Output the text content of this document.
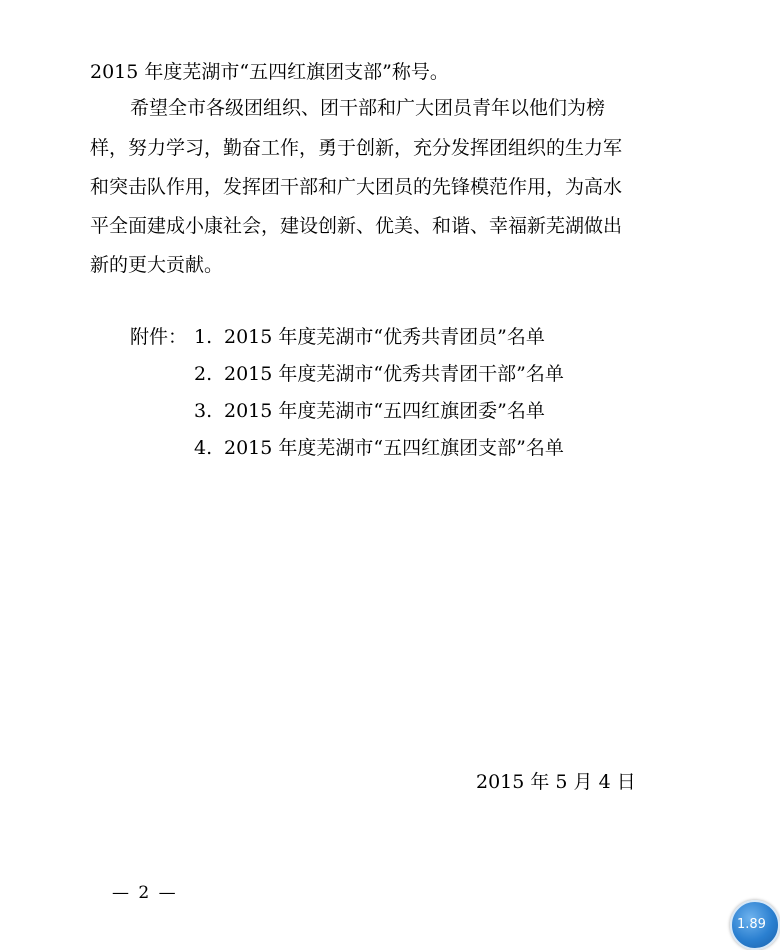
2015 年度芜湖市“五四红旗团支部”称号。
希望全市各级团组织、团干部和广大团员青年以他们为榜
样，努力学习，勤奋工作，勇于创新，充分发挥团组织的生力军
和突击队作用，发挥团干部和广大团员的先锋模范作用，为高水
平全面建成小康社会，建设创新、优美、和谐、幸福新芜湖做出
新的更大贡献。
附件： 1. 2015 年度芜湖市“优秀共青团员”名单
2. 2015 年度芜湖市“优秀共青团干部”名单
3. 2015 年度芜湖市“五四红旗团委”名单
4. 2015 年度芜湖市“五四红旗团支部”名单
2015 年 5 月 4 日
— 2 —
1.89
